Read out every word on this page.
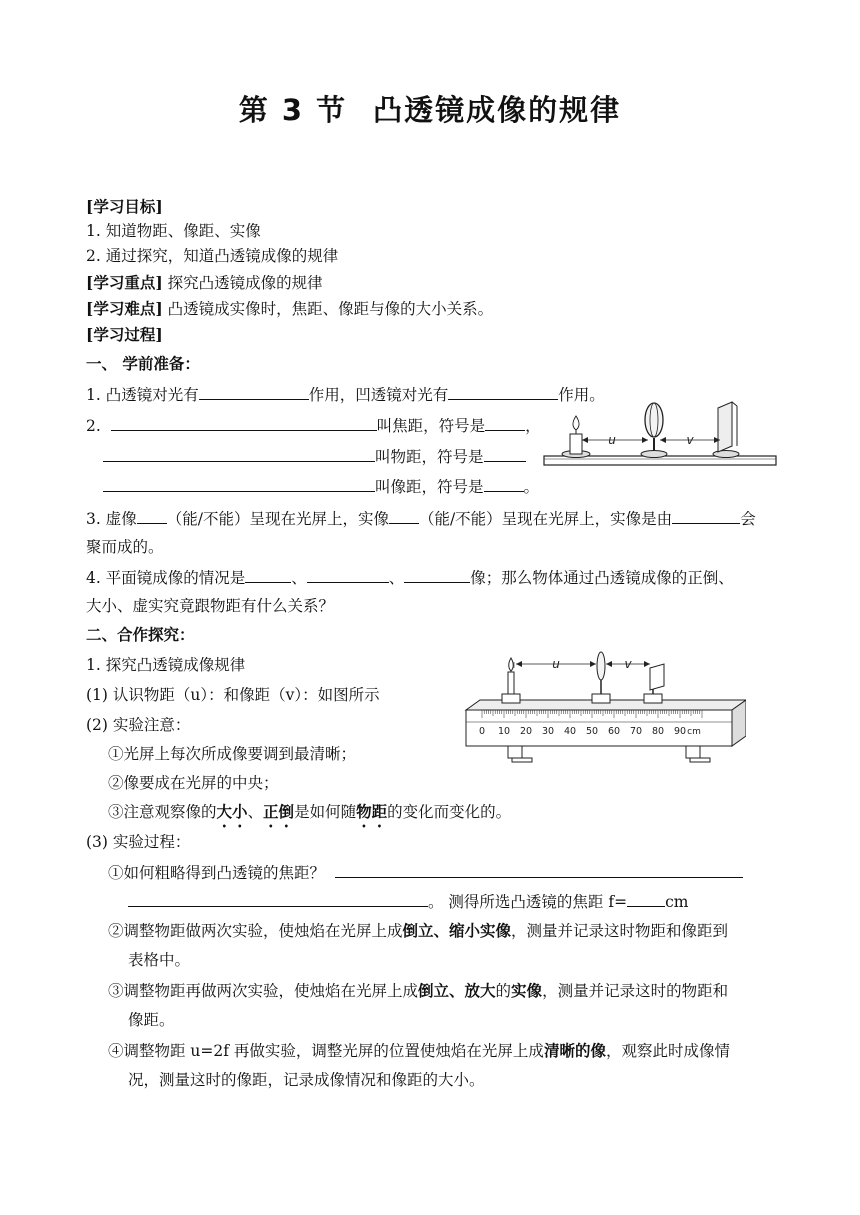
第 3 节 凸透镜成像的规律
[学习目标]
1. 知道物距、像距、实像
2. 通过探究，知道凸透镜成像的规律
[学习重点] 探究凸透镜成像的规律
[学习难点] 凸透镜成实像时，焦距、像距与像的大小关系。
[学习过程]
一、 学前准备：
1. 凸透镜对光有	作用，凹透镜对光有	作用。
2.	叫焦距，符号是	，
叫物距，符号是
叫像距，符号是	。
u	v
3. 虚像 （能/不能）呈现在光屏上，实像 （能/不能）呈现在光屏上，实像是由	会
聚而成的。
4. 平面镜成像的情况是	、	、	像；那么物体通过凸透镜成像的正倒、
大小、虚实究竟跟物距有什么关系？
二、合作探究：
1. 探究凸透镜成像规律
(1) 认识物距（u）：和像距（v）：如图所示
(2) 实验注意：
①光屏上每次所成像要调到最清晰；
②像要成在光屏的中央；
③注意观察像的大小、正倒是如何随物距的变化而变化的。
0 10 20 30 40 50 60 70 80 90 cm
u	v
(3) 实验过程：
①如何粗略得到凸透镜的焦距？
。 测得所选凸透镜的焦距 f= cm
②调整物距做两次实验，使烛焰在光屏上成倒立、缩小实像，测量并记录这时物距和像距到
表格中。
③调整物距再做两次实验，使烛焰在光屏上成倒立、放大的实像，测量并记录这时的物距和
像距。
④调整物距 u=2f 再做实验，调整光屏的位置使烛焰在光屏上成清晰的像，观察此时成像情
况，测量这时的像距，记录成像情况和像距的大小。
